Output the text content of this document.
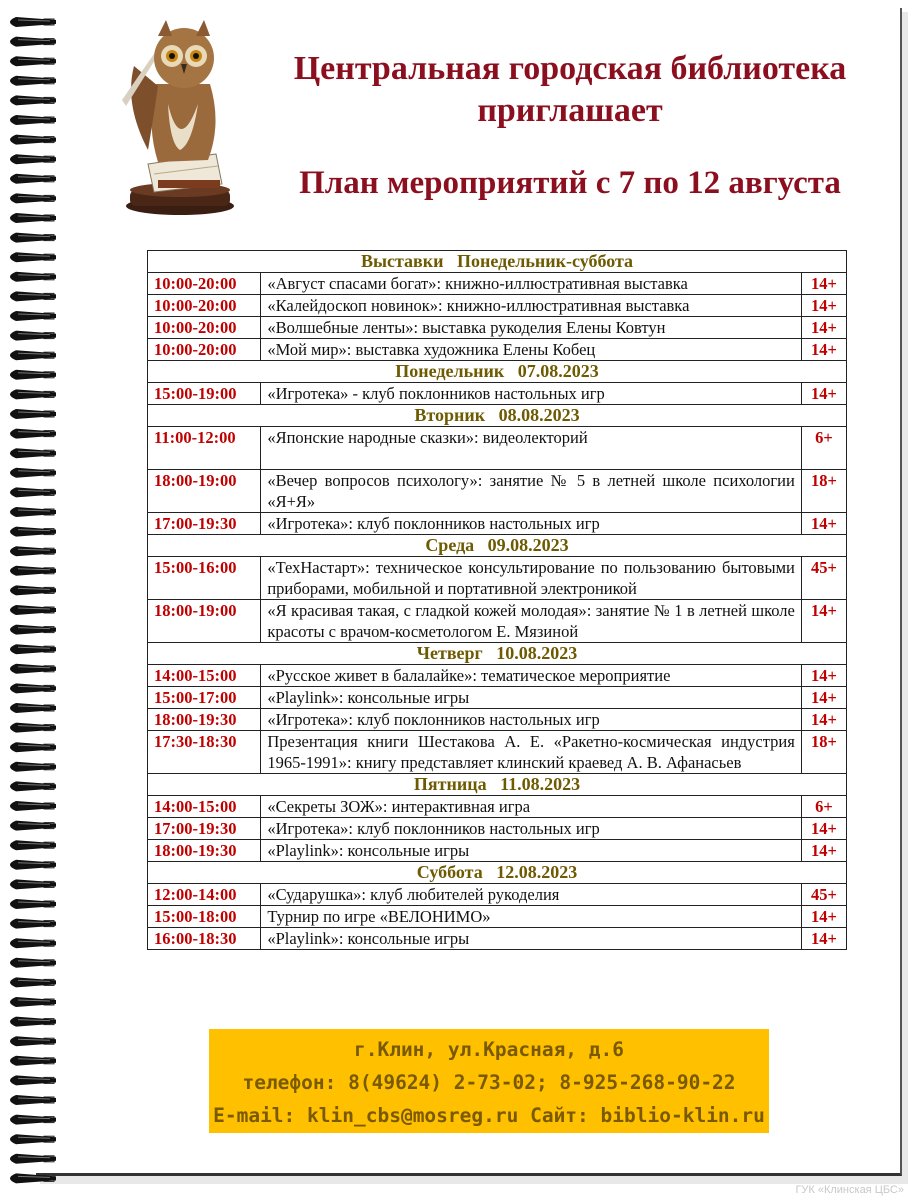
Центральная городская библиотека
приглашает
План мероприятий с 7 по 12 августа
Выставки   Понедельник-суббота		
10:00-20:00	«Август спасами богат»: книжно-иллюстративная выставка	14+
10:00-20:00	«Калейдоскоп новинок»: книжно-иллюстративная выставка	14+
10:00-20:00	«Волшебные ленты»: выставка рукоделия Елены Ковтун	14+
10:00-20:00	«Мой мир»: выставка художника Елены Кобец	14+
Понедельник   07.08.2023		
15:00-19:00	«Игротека» - клуб поклонников настольных игр	14+
Вторник   08.08.2023		
11:00-12:00	«Японские народные сказки»: видеолекторий	6+
18:00-19:00	«Вечер вопросов психологу»: занятие № 5 в летней школе психологии «Я+Я»	18+
17:00-19:30	«Игротека»: клуб поклонников настольных игр	14+
Среда   09.08.2023		
15:00-16:00	«ТехНастарт»: техническое консультирование по пользованию бытовыми приборами, мобильной и портативной электроникой	45+
18:00-19:00	«Я красивая такая, с гладкой кожей молодая»: занятие № 1 в летней школе красоты с врачом-косметологом Е. Мязиной	14+
Четверг   10.08.2023		
14:00-15:00	«Русское живет в балалайке»: тематическое мероприятие	14+
15:00-17:00	«Playlink»: консольные игры	14+
18:00-19:30	«Игротека»: клуб поклонников настольных игр	14+
17:30-18:30	Презентация книги Шестакова А. Е. «Ракетно-космическая индустрия 1965-1991»: книгу представляет клинский краевед А. В. Афанасьев	18+
Пятница   11.08.2023		
14:00-15:00	«Секреты ЗОЖ»: интерактивная игра	6+
17:00-19:30	«Игротека»: клуб поклонников настольных игр	14+
18:00-19:30	«Playlink»: консольные игры	14+
Суббота   12.08.2023		
12:00-14:00	«Сударушка»: клуб любителей рукоделия	45+
15:00-18:00	Турнир по игре «ВЕЛОНИМО»	14+
16:00-18:30	«Playlink»: консольные игры	14+
г.Клин, ул.Красная, д.6
телефон: 8(49624) 2-73-02; 8-925-268-90-22
E-mail: klin_cbs@mosreg.ru Сайт: biblio-klin.ru
ГУК «Клинская ЦБС»
